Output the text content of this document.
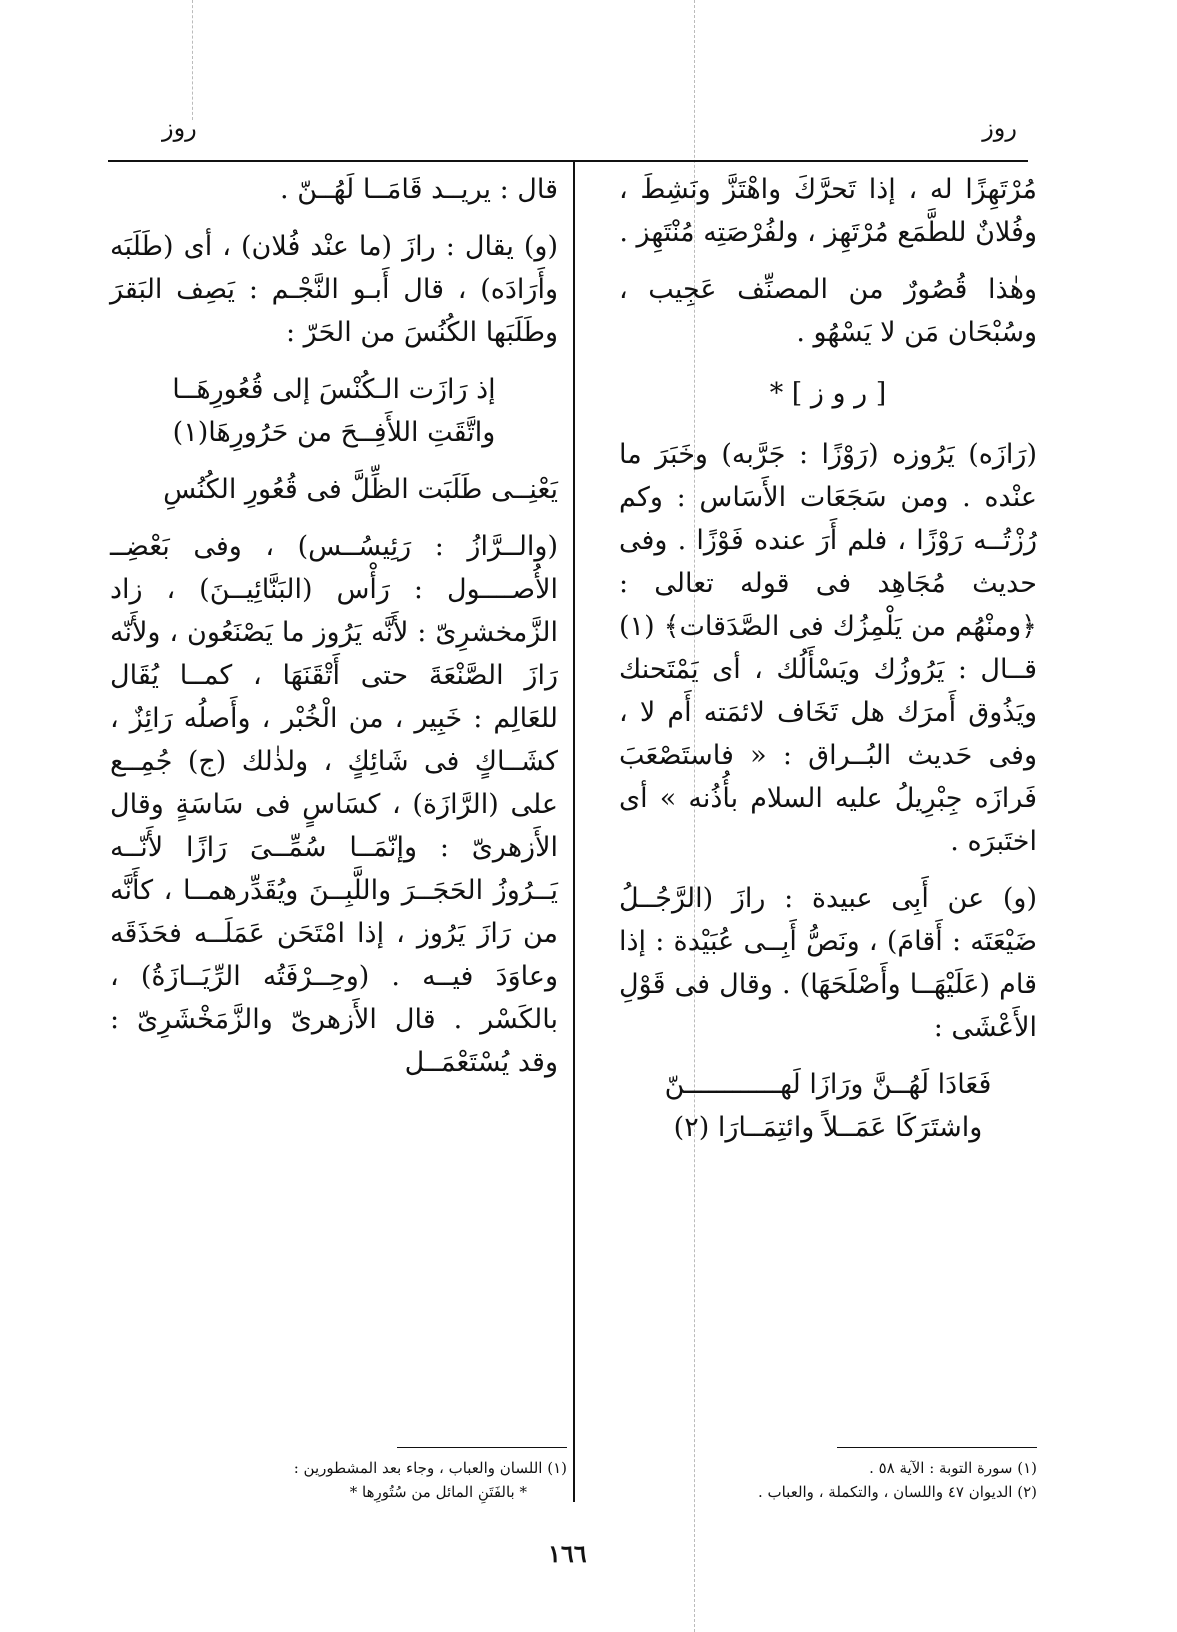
روز
روز

مُرْتَهِزًا له ، إذا تَحرَّكَ واهْتَزَّ ونَشِطَ ، وفُلانٌ للطَّمَع مُرْتَهِز ، ولفُرْصَتِه مُنْتَهِز .

وهٰذا قُصُورٌ من المصنِّف عَجِيب ، وسُبْحَان مَن لا يَسْهُو .

[ ر و ز ] *

(رَازَه) يَرُوزه (رَوْزًا : جَرَّبه) وخَبَرَ ما عنْده . ومن سَجَعَات الأَسَاس : وكم رُزْتُــه رَوْزًا ، فلم أَرَ عنده فَوْزًا . وفى حديث مُجَاهِد فى قوله تعالى : ﴿ومنْهُم من يَلْمِزُك فى الصَّدَقات﴾ (١) قــال : يَرُوزُك ويَسْأَلُك ، أى يَمْتَحنك ويَذُوق أَمرَك هل تَخَاف لائمَته أَم لا ، وفى حَديث البُــراق : « فاستَصْعَبَ فَرازَه جِبْرِيلُ عليه السلام بأُذُنه » أى اختَبرَه .

(و) عن أَبِى عبيدة : رازَ (الرَّجُــلُ ضَيْعَتَه : أَقامَ) ، ونَصُّ أَبِــى عُبَيْدة : إذا قام (عَلَيْهَــا وأَصْلَحَهَا) . وقال فى قَوْلِ الأَعْشَى :

فَعَادَا لَهُــنَّ ورَازَا لَهــــــــــــنّ
واشتَرَكَا عَمَــلاً وائتِمَــارَا (٢)

قال : يريــد قَامَــا لَهُــنّ .

(و) يقال : رازَ (ما عنْد فُلان) ، أى (طَلَبَه وأَرَادَه) ، قال أَبـو النَّجْـم : يَصِف البَقرَ وطَلَبَها الكُنُسَ من الحَرّ :

إذ رَازَت الـكُنْسَ إلى قُعُورِهَــا
واتَّقَتِ اللأَفِــحَ من حَرُورِهَا(١)

يَعْنِــى طَلَبَت الظِّلَّ فى قُعُورِ الكُنُسِ

(والــرَّازُ : رَئِيسُــس) ، وفى بَعْضِــ الأُصــــول : رَأْس (البَنَّائِيــنَ) ، زاد الزَّمخشرِىّ : لأَنَّه يَرُوز ما يَصْنَعُون ، ولأَنّه رَازَ الصَّنْعَةَ حتى أَتْقَنَهَا ، كمــا يُقَال للعَالِم : خَبِير ، من الْخُبْر ، وأَصلُه رَائِزٌ ، كشَــاكٍ فى شَائِكٍ ، ولذٰلك (ج) جُمِــع على (الرَّازَة) ، كسَاسٍ فى سَاسَةٍ وقال الأَزهرىّ : وإنّمَــا سُمِّــىَ رَازًا لأَنّــه يَــرُوزُ الحَجَــرَ واللَّبِــنَ ويُقَدِّرهمــا ، كأَنَّه من رَازَ يَرُوز ، إذا امْتَحَن عَمَلَــه فحَذَقَه وعاوَدَ فيــه . (وحِــرْفَتُه الرِّيَــازَةُ) ، بالكَسْر . قال الأَزهرىّ والزَّمَخْشَرِىّ : وقد يُسْتَعْمَــل

(١) سورة التوبة : الآية ٥٨ .
(٢) الديوان ٤٧ واللسان ، والتكملة ، والعباب .
(١) اللسان والعباب ، وجاء بعد المشطورين :
* بالفَتَنِ المائل من سُتُورِها *
١٦٦
